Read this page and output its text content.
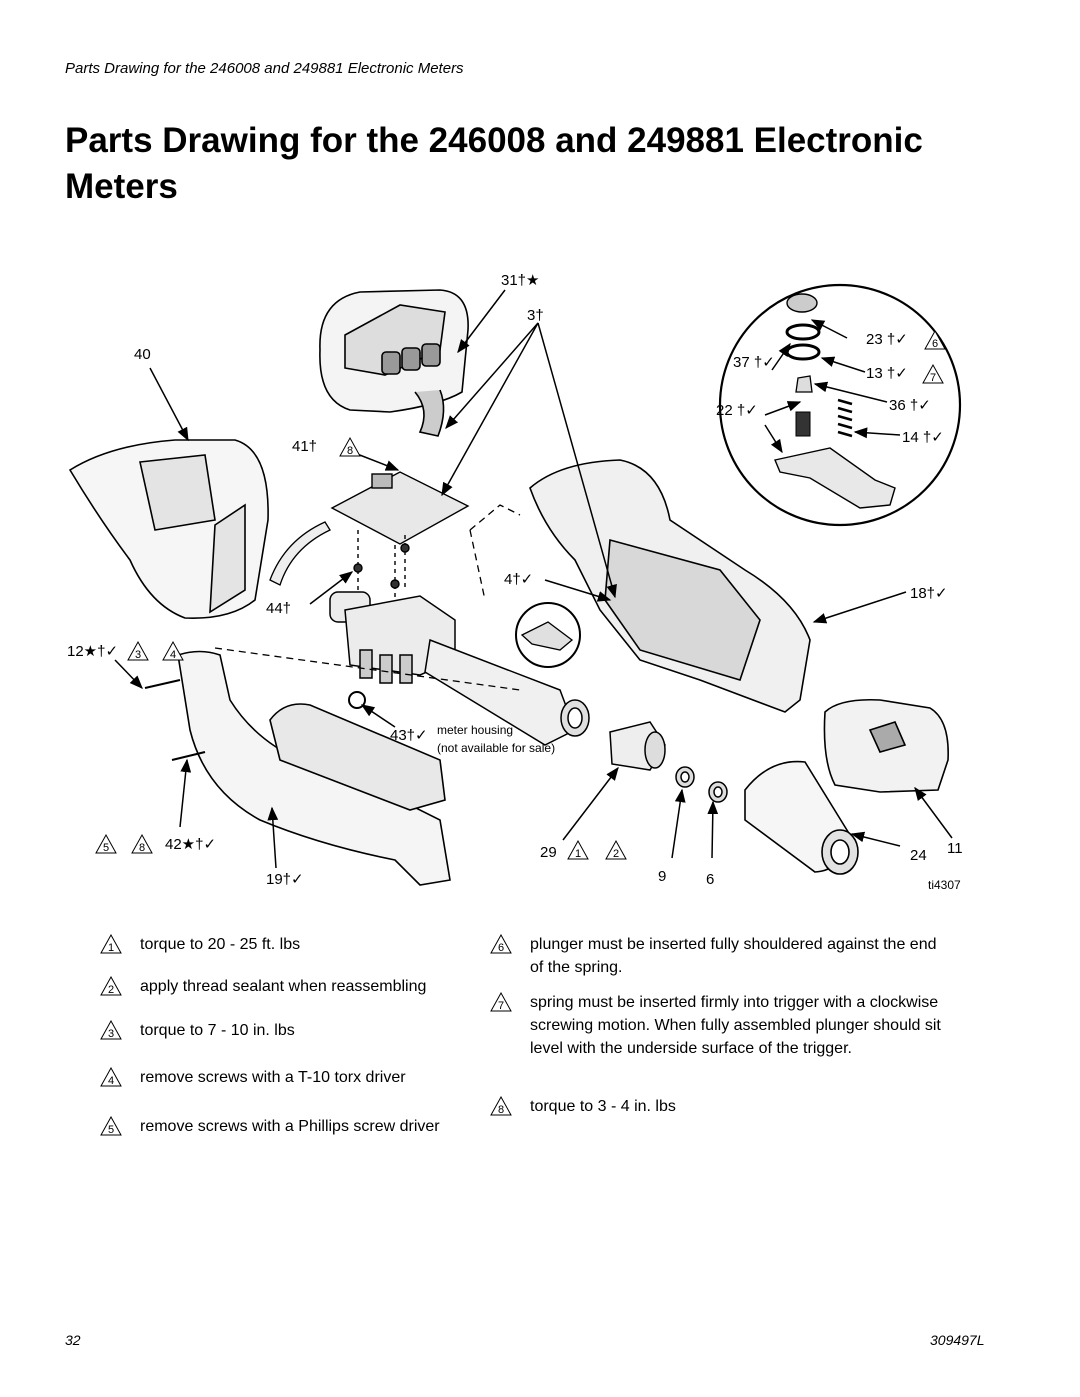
Parts Drawing for the 246008 and 249881 Electronic Meters
Parts Drawing for the 246008 and 249881 Electronic Meters
31†★
3†
40
23 †✓
37 †✓
13 †✓
22 †✓	36 †✓
14 †✓
41†
4†✓
18†✓
44†
12★†✓
43†✓ meter housing
(not available for sale)
42★†✓	29	24 11
19†✓	9	6	ti4307
6
7
8
3	4
5	8	1	2
1 torque to 20 - 25 ft. lbs
2 apply thread sealant when reassembling
3 torque to 7 - 10 in. lbs
4 remove screws with a T-10 torx driver
5 remove screws with a Phillips screw driver
6 plunger must be inserted fully shouldered against the end of the spring.
7 spring must be inserted firmly into trigger with a clockwise screwing motion. When fully assembled plunger should sit level with the underside surface of the trigger.
8 torque to 3 - 4 in. lbs
32	309497L
